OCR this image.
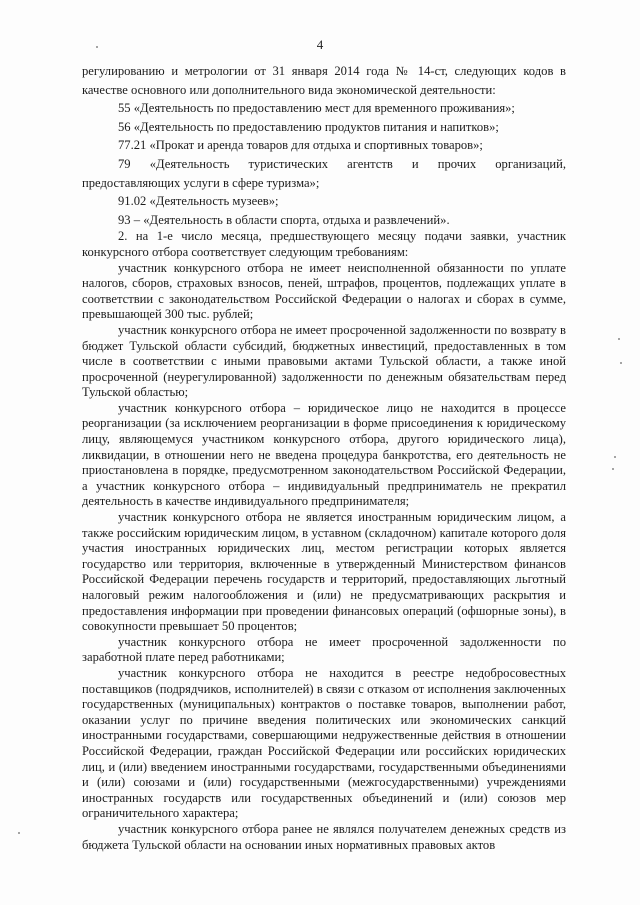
4

регулированию и метрологии от 31 января 2014 года № 14-ст, следующих кодов в качестве основного или дополнительного вида экономической деятельности:

55 «Деятельность по предоставлению мест для временного проживания»;

56 «Деятельность по предоставлению продуктов питания и напитков»;

77.21 «Прокат и аренда товаров для отдыха и спортивных товаров»;

79 «Деятельность туристических агентств и прочих организаций, предоставляющих услуги в сфере туризма»;

91.02 «Деятельность музеев»;

93 – «Деятельность в области спорта, отдыха и развлечений».

2. на 1-е число месяца, предшествующего месяцу подачи заявки, участник конкурсного отбора соответствует следующим требованиям:

участник конкурсного отбора не имеет неисполненной обязанности по уплате налогов, сборов, страховых взносов, пеней, штрафов, процентов, подлежащих уплате в соответствии с законодательством Российской Федерации о налогах и сборах в сумме, превышающей 300 тыс. рублей;

участник конкурсного отбора не имеет просроченной задолженности по возврату в бюджет Тульской области субсидий, бюджетных инвестиций, предоставленных в том числе в соответствии с иными правовыми актами Тульской области, а также иной просроченной (неурегулированной) задолженности по денежным обязательствам перед Тульской областью;

участник конкурсного отбора – юридическое лицо не находится в процессе реорганизации (за исключением реорганизации в форме присоединения к юридическому лицу, являющемуся участником конкурсного отбора, другого юридического лица), ликвидации, в отношении него не введена процедура банкротства, его деятельность не приостановлена в порядке, предусмотренном законодательством Российской Федерации, а участник конкурсного отбора – индивидуальный предприниматель не прекратил деятельность в качестве индивидуального предпринимателя;

участник конкурсного отбора не является иностранным юридическим лицом, а также российским юридическим лицом, в уставном (складочном) капитале которого доля участия иностранных юридических лиц, местом регистрации которых является государство или территория, включенные в утвержденный Министерством финансов Российской Федерации перечень государств и территорий, предоставляющих льготный налоговый режим налогообложения и (или) не предусматривающих раскрытия и предоставления информации при проведении финансовых операций (офшорные зоны), в совокупности превышает 50 процентов;

участник конкурсного отбора не имеет просроченной задолженности по заработной плате перед работниками;

участник конкурсного отбора не находится в реестре недобросовестных поставщиков (подрядчиков, исполнителей) в связи с отказом от исполнения заключенных государственных (муниципальных) контрактов о поставке товаров, выполнении работ, оказании услуг по причине введения политических или экономических санкций иностранными государствами, совершающими недружественные действия в отношении Российской Федерации, граждан Российской Федерации или российских юридических лиц, и (или) введением иностранными государствами, государственными объединениями и (или) союзами и (или) государственными (межгосударственными) учреждениями иностранных государств или государственных объединений и (или) союзов мер ограничительного характера;

участник конкурсного отбора ранее не являлся получателем денежных средств из бюджета Тульской области на основании иных нормативных правовых актов
